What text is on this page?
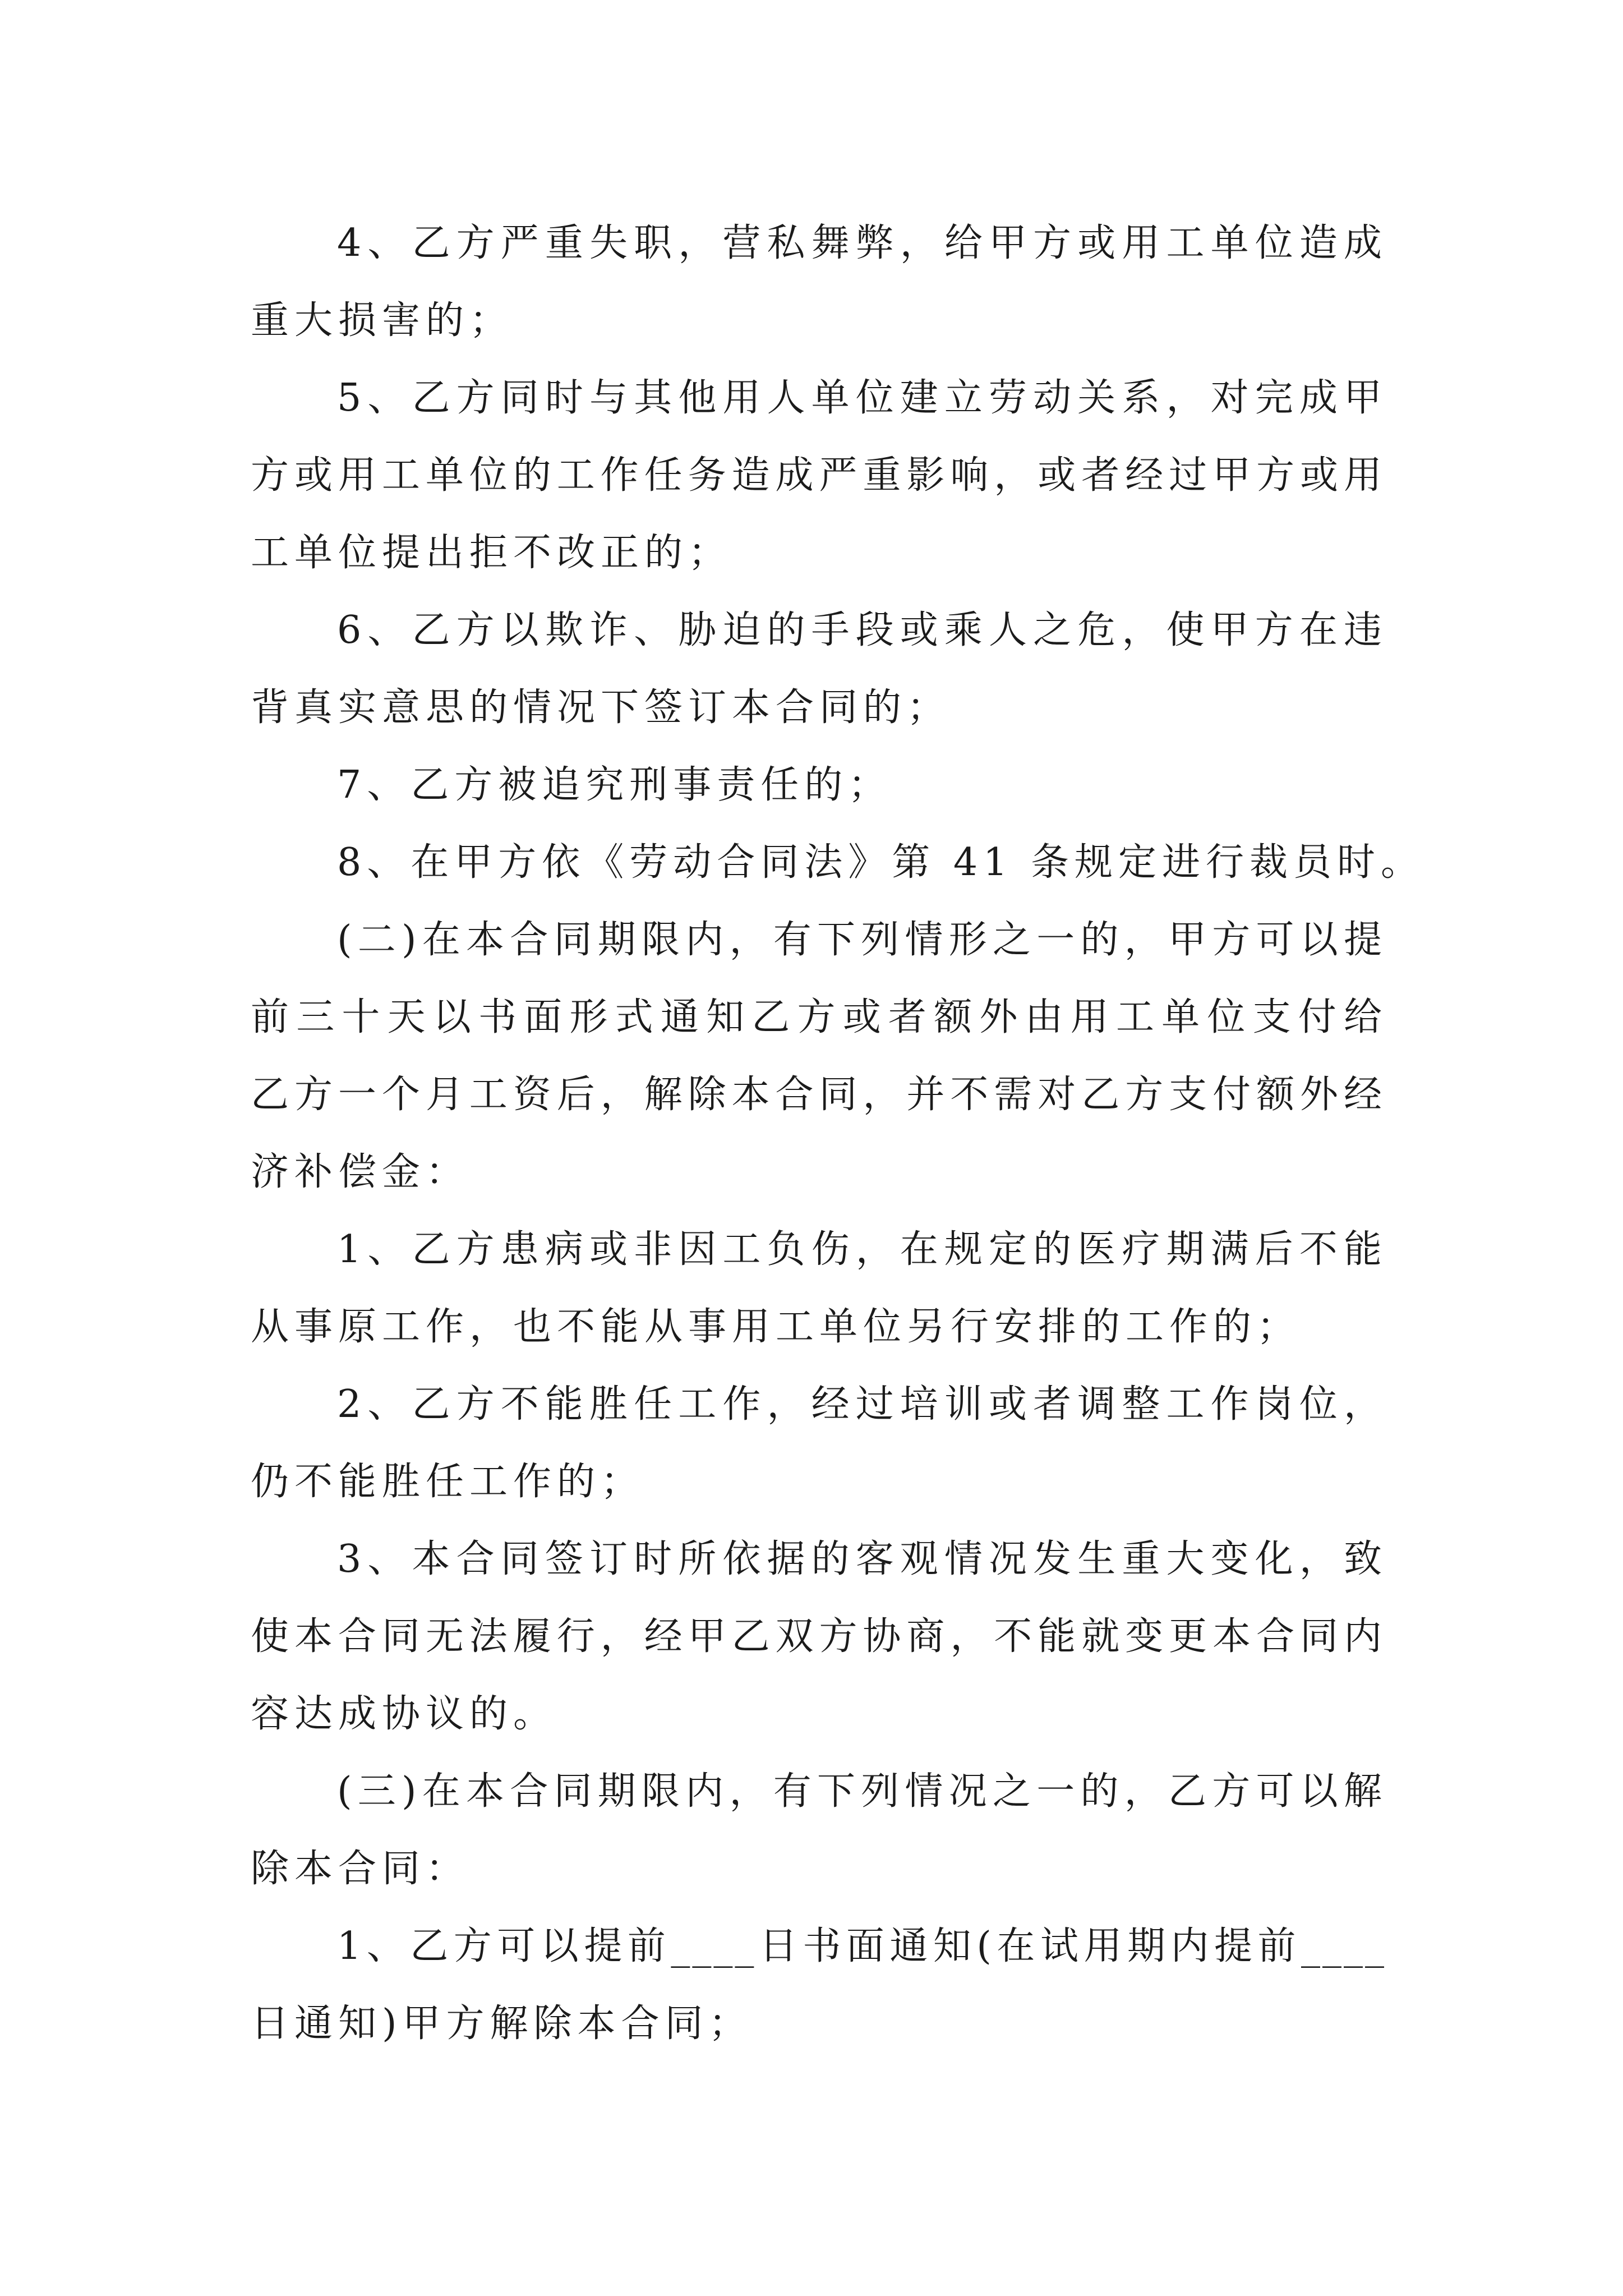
4、乙方严重失职，营私舞弊，给甲方或用工单位造成
重大损害的；
5、乙方同时与其他用人单位建立劳动关系，对完成甲
方或用工单位的工作任务造成严重影响，或者经过甲方或用
工单位提出拒不改正的；
6、乙方以欺诈、胁迫的手段或乘人之危，使甲方在违
背真实意思的情况下签订本合同的；
7、乙方被追究刑事责任的；
8、在甲方依《劳动合同法》第 41 条规定进行裁员时。
(二)在本合同期限内，有下列情形之一的，甲方可以提
前三十天以书面形式通知乙方或者额外由用工单位支付给
乙方一个月工资后，解除本合同，并不需对乙方支付额外经
济补偿金：
1、乙方患病或非因工负伤，在规定的医疗期满后不能
从事原工作，也不能从事用工单位另行安排的工作的；
2、乙方不能胜任工作，经过培训或者调整工作岗位，
仍不能胜任工作的；
3、本合同签订时所依据的客观情况发生重大变化，致
使本合同无法履行，经甲乙双方协商，不能就变更本合同内
容达成协议的。
(三)在本合同期限内，有下列情况之一的，乙方可以解
除本合同：
1、乙方可以提前____日书面通知(在试用期内提前____
日通知)甲方解除本合同；
